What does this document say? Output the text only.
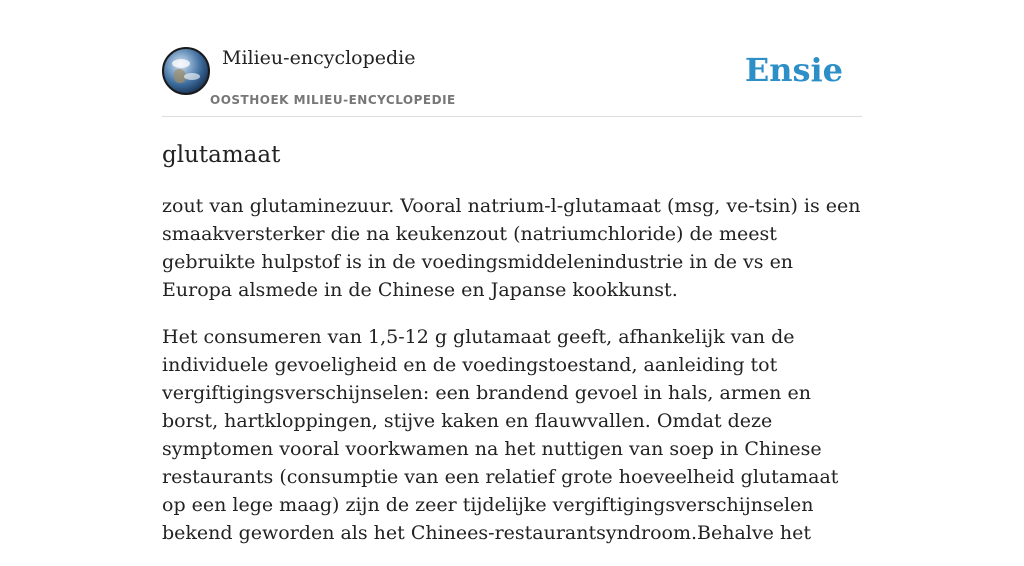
Milieu-encyclopedie
OOSTHOEK MILIEU-ENCYCLOPEDIE
Ensie
glutamaat

zout van glutaminezuur. Vooral natrium-l-glutamaat (msg, ve-tsin) is een smaakversterker die na keukenzout (natriumchloride) de meest gebruikte hulpstof is in de voedingsmiddelenindustrie in de vs en Europa alsmede in de Chinese en Japanse kookkunst.

Het consumeren van 1,5-12 g glutamaat geeft, afhankelijk van de individuele gevoeligheid en de voedingstoestand, aanleiding tot vergiftigingsverschijnselen: een brandend gevoel in hals, armen en borst, hartkloppingen, stijve kaken en flauwvallen. Omdat deze symptomen vooral voorkwamen na het nuttigen van soep in Chinese restaurants (consumptie van een relatief grote hoeveelheid glutamaat op een lege maag) zijn de zeer tijdelijke vergiftigingsverschijnselen bekend geworden als het Chinees-restaurantsyndroom.Behalve het
